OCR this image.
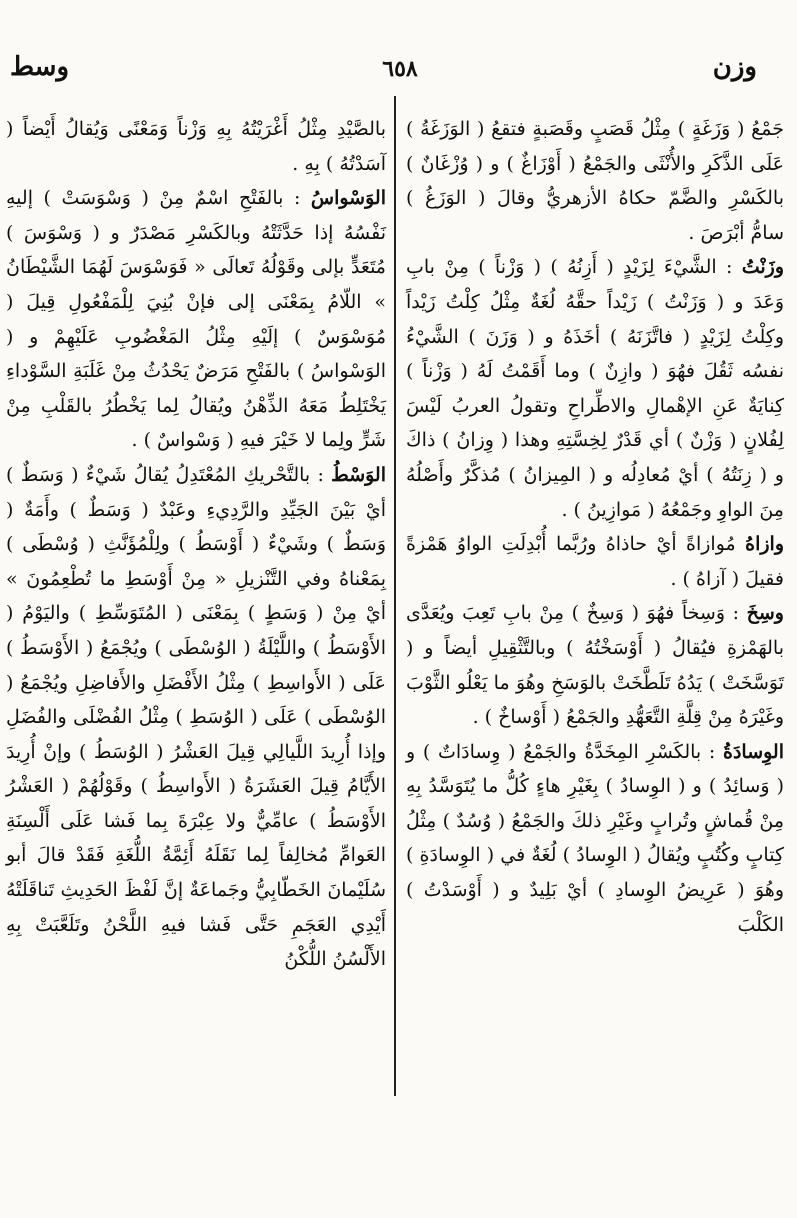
وزن
٦٥٨
وسط

جَمْعُ ( وَزَغَةٍ ) مِثْلُ قَصَبٍ وقَصَبةٍ فتقعُ ( الوَزَغَةُ ) عَلَى الذَّكَرِ والأُنْثَى والجَمْعُ ( أَوْزَاغٌ ) و ( وُزْغَانٌ ) بالكَسْرِ والضَّمّ حكاهُ الأزهريُّ وقالَ ( الوَزَغُ ) سامُّ أبْرَصَ .

وزَنْتُ : الشَّيْءَ لِزَيْدٍ ( أَزِنُهُ ) ( وَزْناً ) مِنْ بابِ وَعَدَ و ( وَزَنْتُ ) زَيْداً حقَّهُ لُغَةٌ مِثْلُ كِلْتُ زَيْداً وكِلْتُ لِزَيْدٍ ( فاتَّزَنَهُ ) أخَذَهُ و ( وَزَنَ ) الشَّيْءُ نفسُه ثَقُلَ فهُوَ ( وازِنٌ ) وما أَقَمْتُ لَهُ ( وَزْناً ) كِنايَةٌ عَنِ الإهْمالِ والاطِّراحِ وتقولُ العربُ لَيْسَ لِفُلانٍ ( وَزْنٌ ) أي قَدْرٌ لِخِسَّتِهِ وهذا ( وِزانُ ) ذاكَ و ( زِنَتُهُ ) أيْ مُعادِلُه و ( المِيزانُ ) مُذكَّرٌ وأَصْلُهُ مِنَ الواوِ وجَمْعُهُ ( مَوازِينُ ) .

وازاهُ مُوازاةً أيْ حاذاهُ ورُبَّما أُبْدِلَتِ الواوُ هَمْزةً فقيلَ ( آزاهُ ) .

وسِخَ : وَسِخاً فهُوَ ( وَسِخٌ ) مِنْ بابِ تَعِبَ ويُعَدَّى بالهَمْزةِ فيُقالُ ( أَوْسَخْتُهُ ) وبالتَّثْقِيلِ أيضاً و ( تَوَسَّخَتْ ) يَدُهُ تَلَطَّخَتْ بالوَسَخِ وهُوَ ما يَعْلُو الثَّوْبَ وغَيْرَهُ مِنْ قِلَّةِ التَّعَهُّدِ والجَمْعُ ( أَوْساخٌ ) .

الوِسادَةُ : بالكَسْرِ المِخَدَّةُ والجَمْعُ ( وِسادَاتٌ ) و ( وَسائِدُ ) و ( الوِسادُ ) بِغَيْرِ هاءٍ كُلُّ ما يُتَوَسَّدُ بِهِ مِنْ قُماشٍ وتُرابٍ وغَيْرِ ذلكَ والجَمْعُ ( وُسُدٌ ) مِثْلُ كِتابٍ وكُتُبٍ ويُقالُ ( الوِسادُ ) لُغَةٌ في ( الوِسادَةِ ) وهُوَ ( عَرِيضُ الوِسادِ ) أيْ بَلِيدٌ و ( أَوْسَدْتُ ) الكَلْبَ

بالصَّيْدِ مِثْلُ أَغْرَيْتُهُ بِهِ وَزْناً وَمَعْنًى وَيُقالُ أَيْضاً ( آسَدْتُهُ ) بِهِ .

الوَسْواسُ : بالفَتْحِ اسْمٌ مِنْ ( وَسْوَسَتْ ) إليهِ نَفْسُهُ إذا حَدَّثَتْهُ وبالكَسْرِ مَصْدَرٌ و ( وَسْوَسَ ) مُتَعَدٍّ بإلى وقَوْلُهُ تَعالَى « فَوَسْوَسَ لَهُمَا الشَّيْطَانُ » اللّامُ بِمَعْنَى إلى فإنْ بُنِيَ لِلْمَفْعُولِ قِيلَ ( مُوَسْوَسٌ ) إلَيْهِ مِثْلُ المَغْضُوبِ عَلَيْهِمْ و ( الوَسْواسُ ) بالفَتْحِ مَرَضٌ يَحْدُثُ مِنْ غَلَبَةِ السَّوْداءِ يَخْتَلِطُ مَعَهُ الذِّهْنُ ويُقالُ لِما يَخْطُرُ بالقَلْبِ مِنْ شَرٍّ ولِما لا خَيْرَ فيهِ ( وَسْواسٌ ) .

الوَسْطُ : بالتَّحْريكِ المُعْتَدِلُ يُقالُ شَيْءٌ ( وَسَطٌ ) أيْ بَيْنَ الجَيِّدِ والرَّدِيءِ وعَبْدٌ ( وَسَطٌ ) وأَمَةٌ ( وَسَطٌ ) وشَيْءٌ ( أَوْسَطُ ) ولِلْمُؤَنَّثِ ( وُسْطَى ) بِمَعْناهُ وفي التَّنْزيلِ « مِنْ أَوْسَطِ ما تُطْعِمُونَ » أيْ مِنْ ( وَسَطٍ ) بِمَعْنَى ( المُتَوَسِّطِ ) واليَوْمُ ( الأَوْسَطُ ) واللَّيْلَةُ ( الوُسْطَى ) ويُجْمَعُ ( الأَوْسَطُ ) عَلَى ( الأَواسِطِ ) مِثْلُ الأَفْضَلِ والأَفاضِلِ ويُجْمَعُ ( الوُسْطَى ) عَلَى ( الوُسَطِ ) مِثْلُ الفُضْلَى والفُضَلِ وإذا أُرِيدَ اللَّيالِي قِيلَ العَشْرُ ( الوُسَطُ ) وإنْ أُرِيدَ الأَيَّامُ قِيلَ العَشَرَةُ ( الأَواسِطُ ) وقَوْلُهُمْ ( العَشْرُ الأَوْسَطُ ) عامِّيٌّ ولا عِبْرَةَ بِما فَشا عَلَى أَلْسِنَةِ العَوامِّ مُخالِفاً لِما نَقَلَهُ أَئِمَّةُ اللُّغَةِ فَقَدْ قالَ أبو سُلَيْمانَ الخَطّابِيُّ وجَماعَةٌ إنَّ لَفْظَ الحَدِيثِ تَناقَلَتْهُ أَيْدِي العَجَمِ حَتَّى فَشا فيهِ اللَّحْنُ وتَلَعَّبَتْ بِهِ الأَلْسُنُ اللُّكْنُ
